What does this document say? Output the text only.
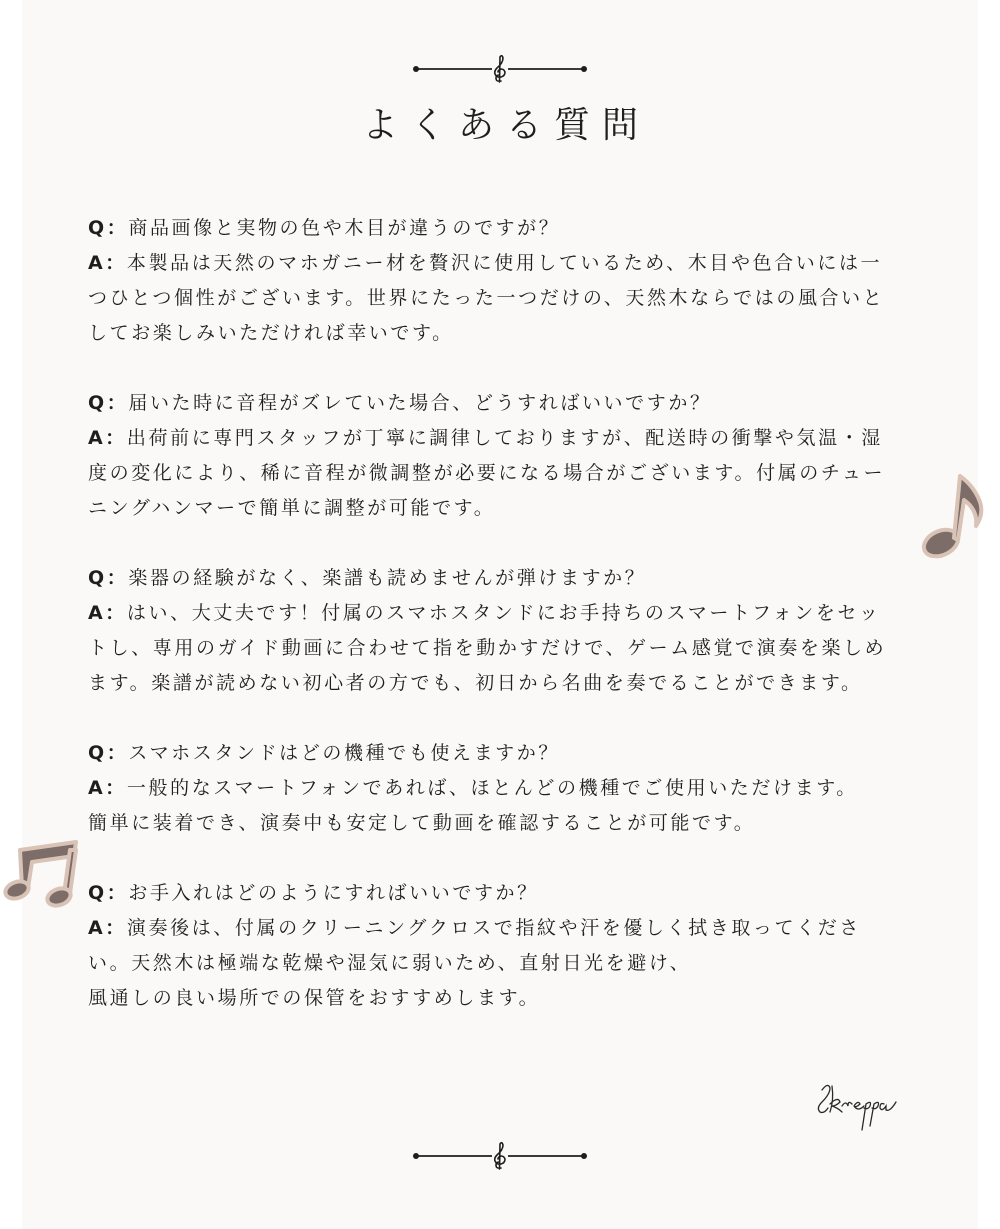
よくある質問

Q：商品画像と実物の色や木目が違うのですが？

A：本製品は天然のマホガニー材を贅沢に使用しているため、木目や色合いには一

つひとつ個性がございます。世界にたった一つだけの、天然木ならではの風合いと

してお楽しみいただければ幸いです。

Q：届いた時に音程がズレていた場合、どうすればいいですか？

A：出荷前に専門スタッフが丁寧に調律しておりますが、配送時の衝撃や気温・湿

度の変化により、稀に音程が微調整が必要になる場合がございます。付属のチュー

ニングハンマーで簡単に調整が可能です。

Q：楽器の経験がなく、楽譜も読めませんが弾けますか？

A：はい、大丈夫です！付属のスマホスタンドにお手持ちのスマートフォンをセッ

トし、専用のガイド動画に合わせて指を動かすだけで、ゲーム感覚で演奏を楽しめ

ます。楽譜が読めない初心者の方でも、初日から名曲を奏でることができます。

Q：スマホスタンドはどの機種でも使えますか？

A：一般的なスマートフォンであれば、ほとんどの機種でご使用いただけます。

簡単に装着でき、演奏中も安定して動画を確認することが可能です。

Q：お手入れはどのようにすればいいですか？

A：演奏後は、付属のクリーニングクロスで指紋や汗を優しく拭き取ってくださ

い。天然木は極端な乾燥や湿気に弱いため、直射日光を避け、

風通しの良い場所での保管をおすすめします。
